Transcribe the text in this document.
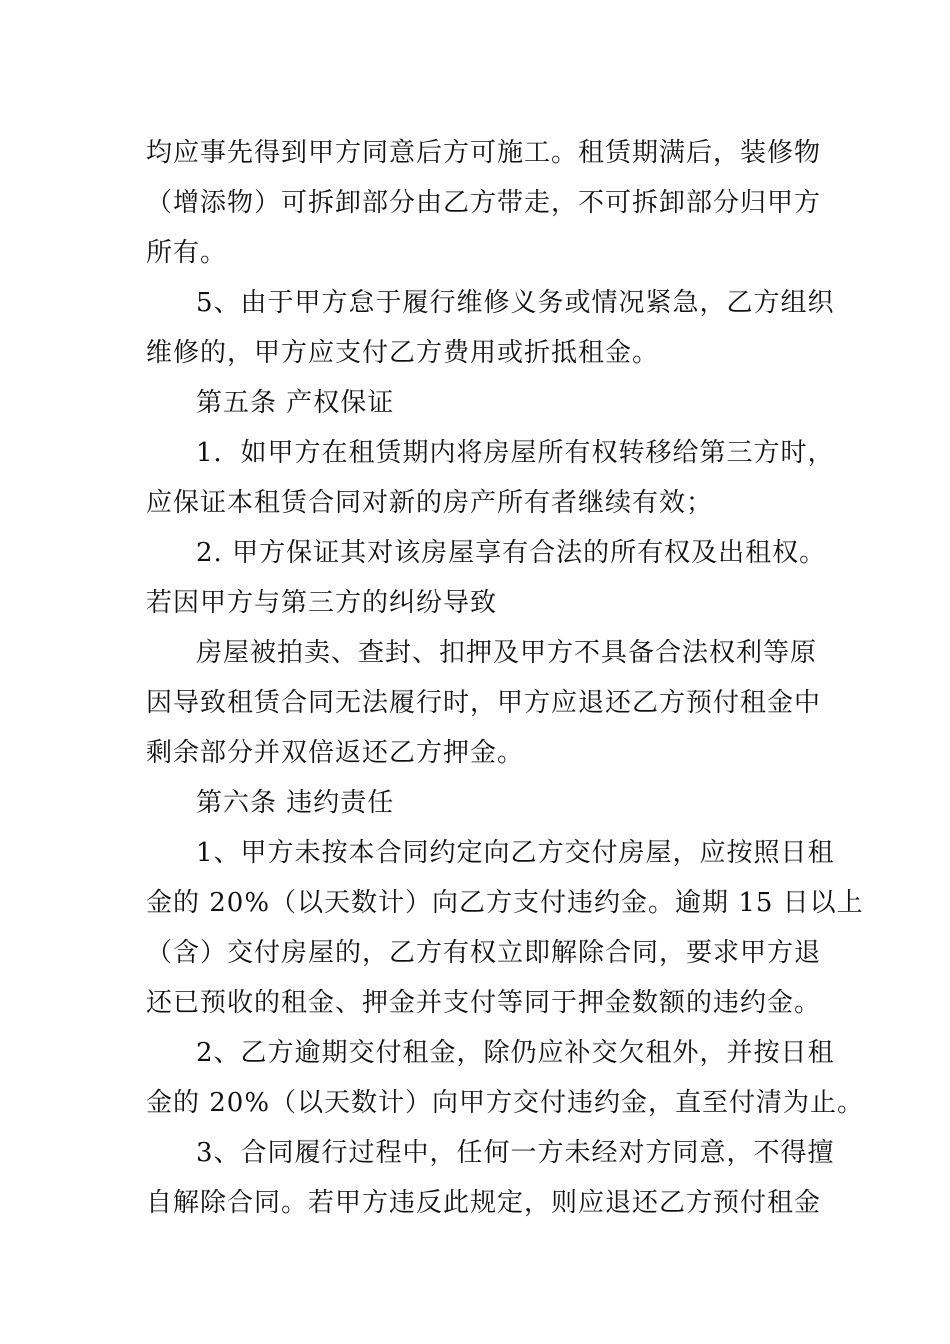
均应事先得到甲方同意后方可施工。租赁期满后，装修物
（增添物）可拆卸部分由乙方带走，不可拆卸部分归甲方
所有。
5、由于甲方怠于履行维修义务或情况紧急，乙方组织
维修的，甲方应支付乙方费用或折抵租金。
第五条 产权保证
1．如甲方在租赁期内将房屋所有权转移给第三方时，
应保证本租赁合同对新的房产所有者继续有效；
2. 甲方保证其对该房屋享有合法的所有权及出租权。
若因甲方与第三方的纠纷导致
房屋被拍卖、查封、扣押及甲方不具备合法权利等原
因导致租赁合同无法履行时，甲方应退还乙方预付租金中
剩余部分并双倍返还乙方押金。
第六条 违约责任
1、甲方未按本合同约定向乙方交付房屋，应按照日租
金的 20%（以天数计）向乙方支付违约金。逾期 15 日以上
（含）交付房屋的，乙方有权立即解除合同，要求甲方退
还已预收的租金、押金并支付等同于押金数额的违约金。
2、乙方逾期交付租金，除仍应补交欠租外，并按日租
金的 20%（以天数计）向甲方交付违约金，直至付清为止。
3、合同履行过程中，任何一方未经对方同意，不得擅
自解除合同。若甲方违反此规定，则应退还乙方预付租金
